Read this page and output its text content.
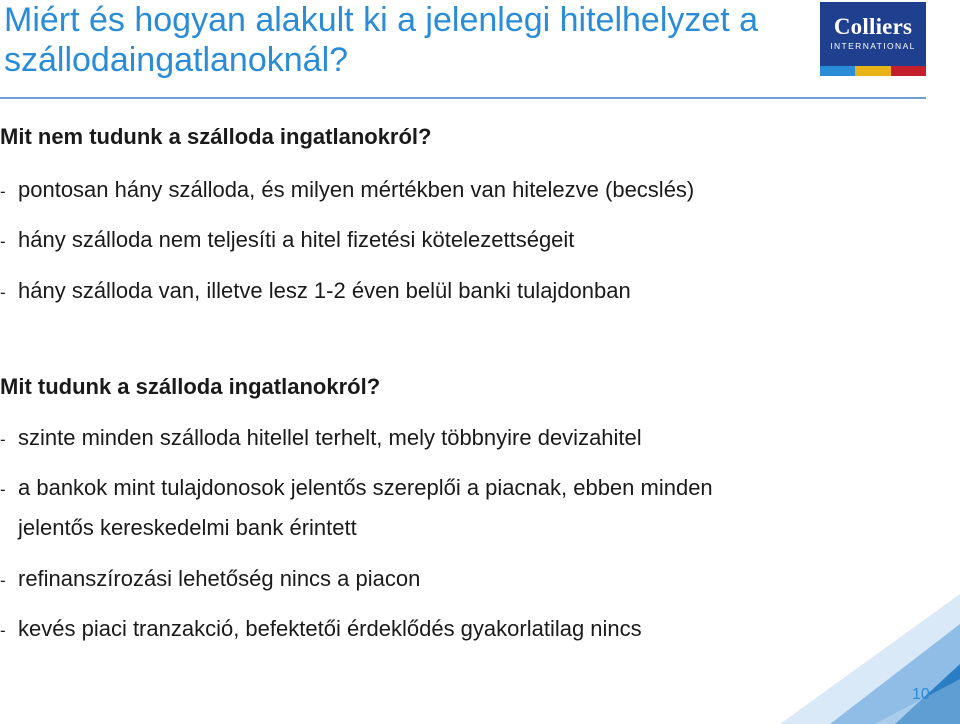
Miért és hogyan alakult ki a jelenlegi hitelhelyzet a szállodaingatlanoknál?
Colliers
INTERNATIONAL
Mit nem tudunk a szálloda ingatlanokról?
- pontosan hány szálloda, és milyen mértékben van hitelezve (becslés)
- hány szálloda nem teljesíti a hitel fizetési kötelezettségeit
- hány szálloda van, illetve lesz 1-2 éven belül banki tulajdonban
Mit tudunk a szálloda ingatlanokról?
- szinte minden szálloda hitellel terhelt, mely többnyire devizahitel
- a bankok mint tulajdonosok jelentős szereplői a piacnak, ebben minden
jelentős kereskedelmi bank érintett
- refinanszírozási lehetőség nincs a piacon
- kevés piaci tranzakció, befektetői érdeklődés gyakorlatilag nincs
10
